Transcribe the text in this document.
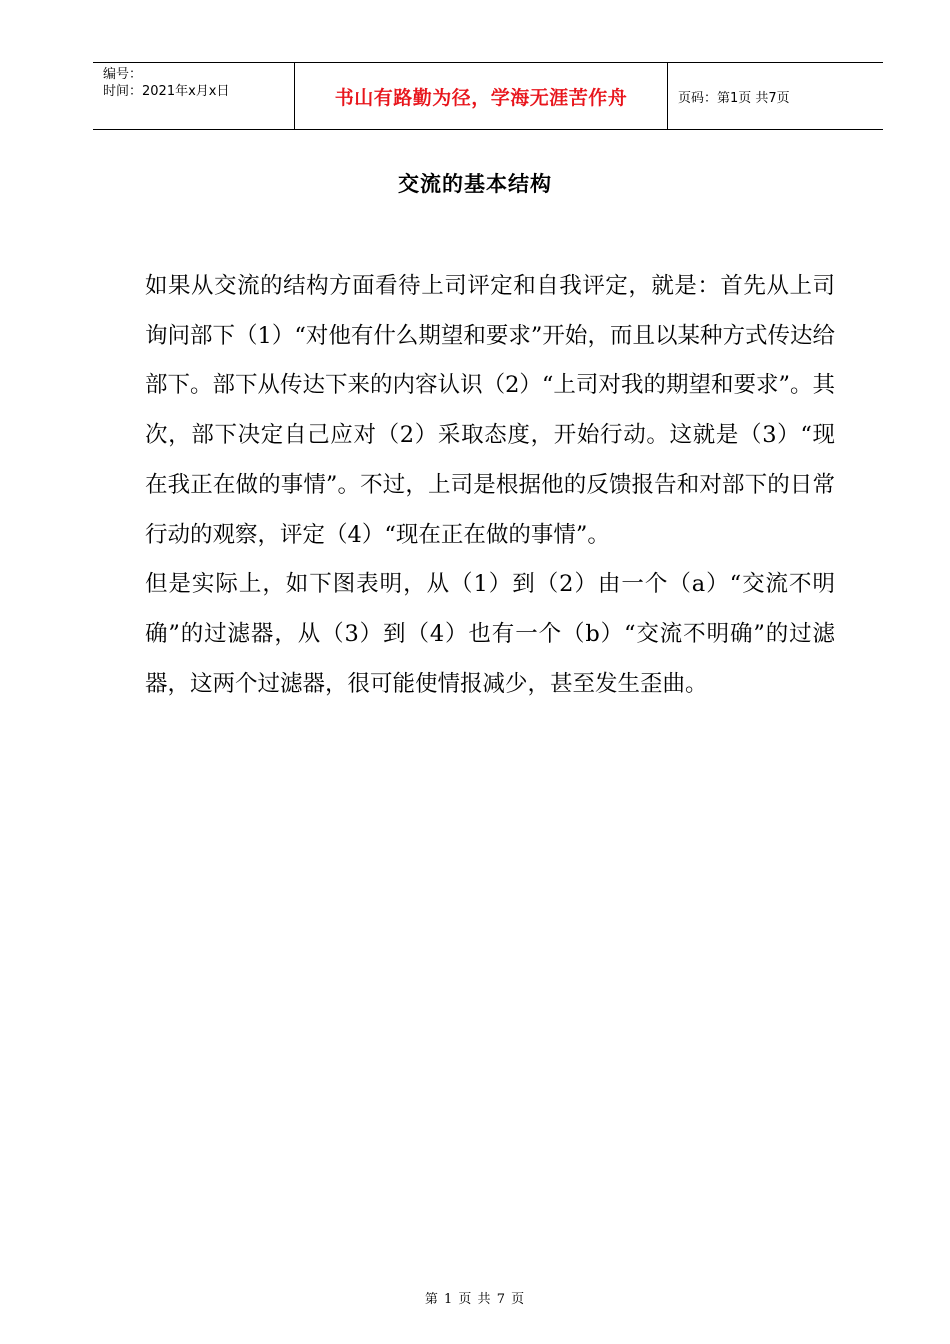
编号：
时间：2021年x月x日	书山有路勤为径，学海无涯苦作舟	页码：第1页 共7页
交流的基本结构

如果从交流的结构方面看待上司评定和自我评定，就是：首先从上司询问部下（1）“对他有什么期望和要求”开始，而且以某种方式传达给部下。部下从传达下来的内容认识（2）“上司对我的期望和要求”。其次，部下决定自己应对（2）采取态度，开始行动。这就是（3）“现在我正在做的事情”。不过，上司是根据他的反馈报告和对部下的日常行动的观察，评定（4）“现在正在做的事情”。

但是实际上，如下图表明，从（1）到（2）由一个（a）“交流不明确”的过滤器，从（3）到（4）也有一个（b）“交流不明确”的过滤器，这两个过滤器，很可能使情报减少，甚至发生歪曲。

第 1 页 共 7 页
